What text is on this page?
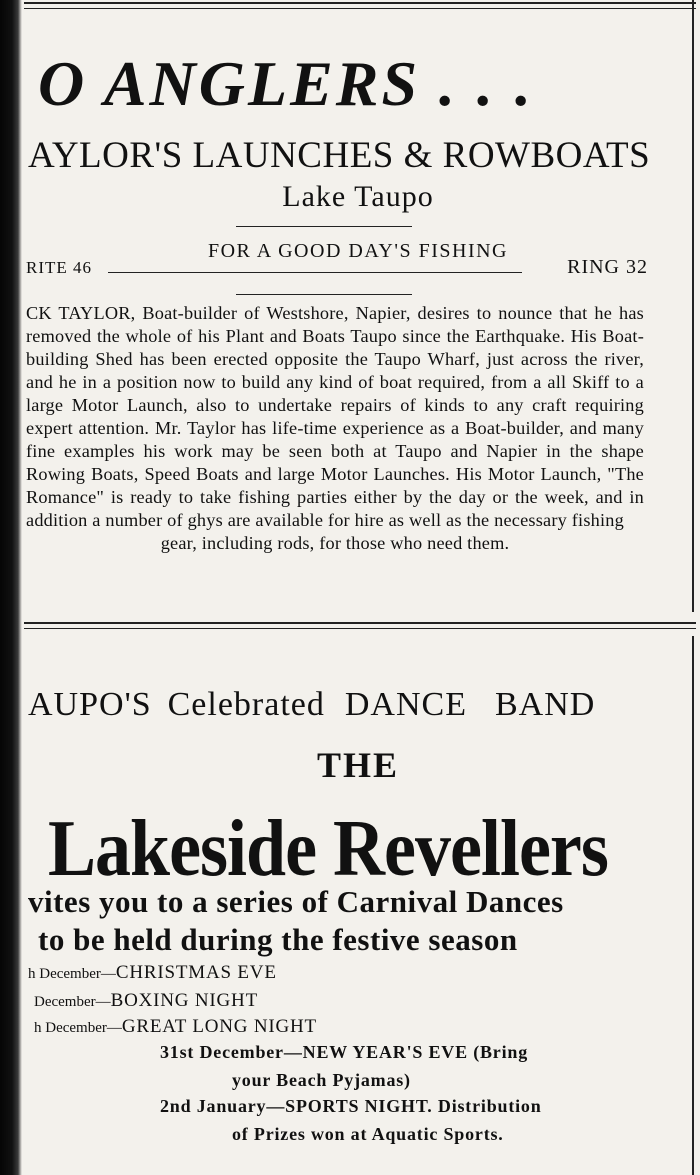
O ANGLERS . . .
AYLOR'S LAUNCHES & ROWBOATS
Lake Taupo
FOR A GOOD DAY'S FISHING
RITE 46	RING 32
CK TAYLOR, Boat-builder of Westshore, Napier, desires to nounce that he has removed the whole of his Plant and Boats Taupo since the Earthquake. His Boat-building Shed has been erected opposite the Taupo Wharf, just across the river, and he in a position now to build any kind of boat required, from a all Skiff to a large Motor Launch, also to undertake repairs of kinds to any craft requiring expert attention. Mr. Taylor has life-time experience as a Boat-builder, and many fine examples his work may be seen both at Taupo and Napier in the shape Rowing Boats, Speed Boats and large Motor Launches. His Motor Launch, "The Romance" is ready to take fishing parties either by the day or the week, and in addition a number of ghys are available for hire as well as the necessary fishing
gear, including rods, for those who need them.
AUPO'S Celebrated DANCE BAND
THE
Lakeside Revellers
vites you to a series of Carnival Dances
to be held during the festive season
h December—CHRISTMAS EVE
December—BOXING NIGHT
h December—GREAT LONG NIGHT
31st December—NEW YEAR'S EVE (Bring
your Beach Pyjamas)
2nd January—SPORTS NIGHT. Distribution
of Prizes won at Aquatic Sports.
